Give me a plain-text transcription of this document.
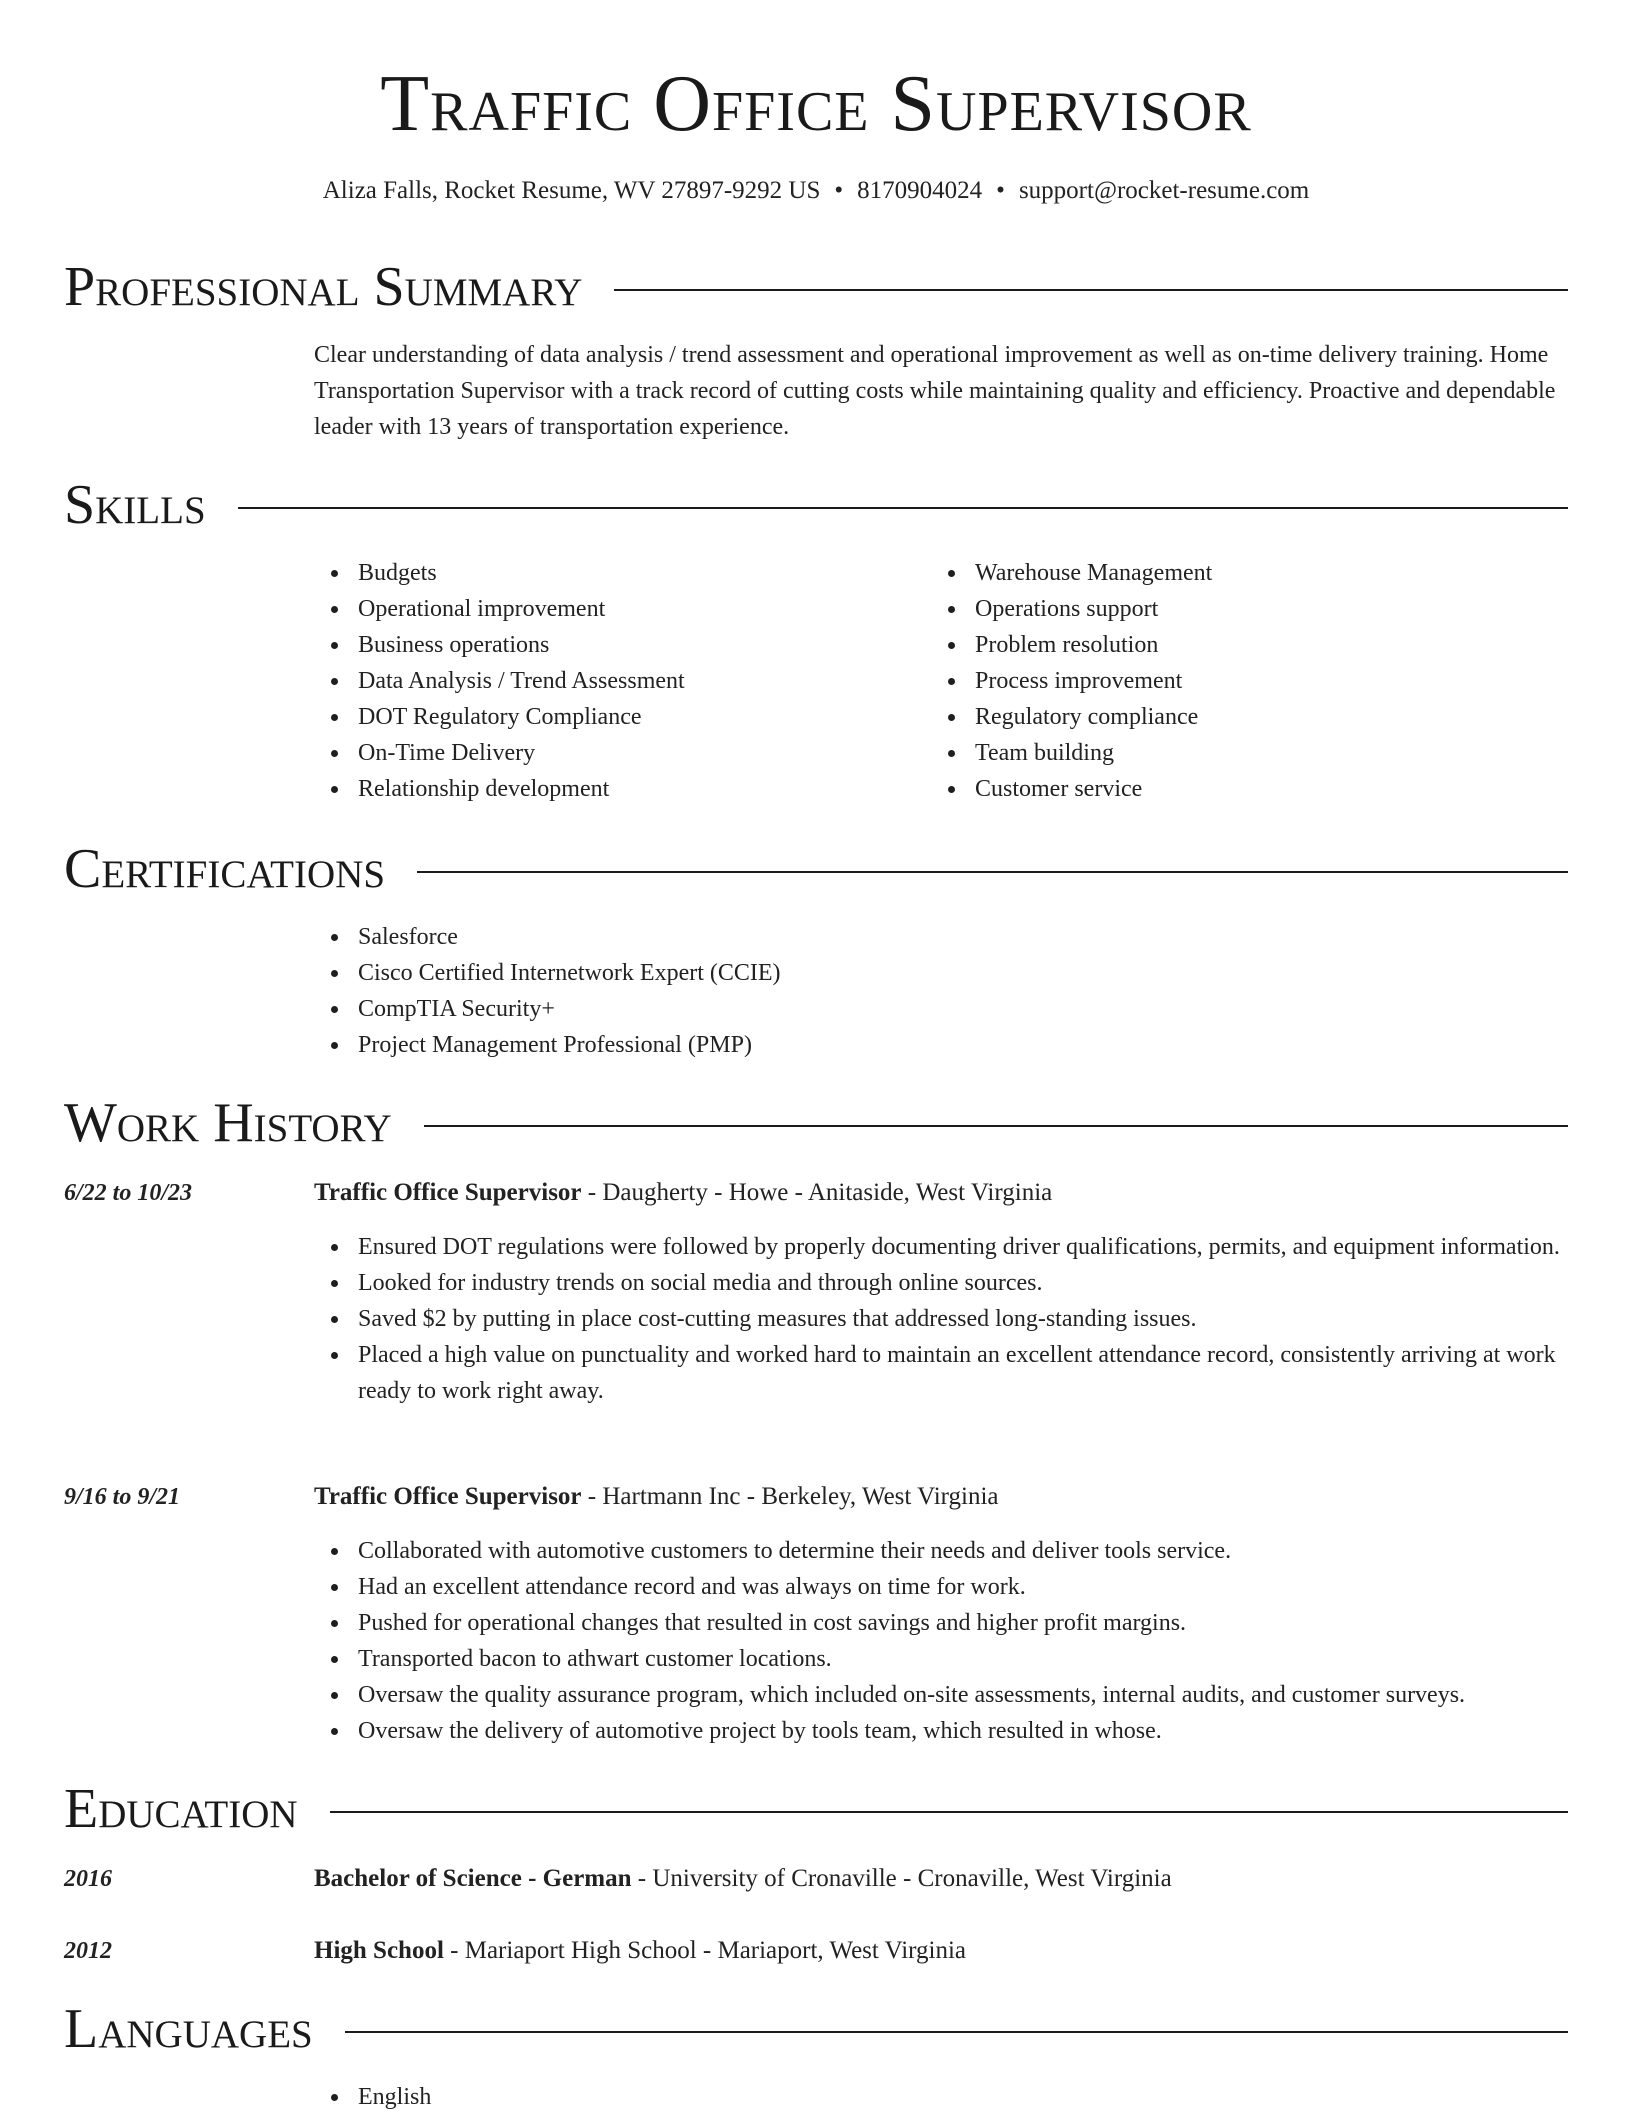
Traffic Office Supervisor
Aliza Falls, Rocket Resume, WV 27897-9292 US • 8170904024 • support@rocket-resume.com
Professional Summary
Clear understanding of data analysis / trend assessment and operational improvement as well as on-time delivery training. Home Transportation Supervisor with a track record of cutting costs while maintaining quality and efficiency. Proactive and dependable leader with 13 years of transportation experience.
Skills
Budgets
Operational improvement
Business operations
Data Analysis / Trend Assessment
DOT Regulatory Compliance
On-Time Delivery
Relationship development
Warehouse Management
Operations support
Problem resolution
Process improvement
Regulatory compliance
Team building
Customer service
Certifications
Salesforce
Cisco Certified Internetwork Expert (CCIE)
CompTIA Security+
Project Management Professional (PMP)
Work History
6/22 to 10/23	Traffic Office Supervisor - Daugherty - Howe - Anitaside, West Virginia
Ensured DOT regulations were followed by properly documenting driver qualifications, permits, and equipment information.
Looked for industry trends on social media and through online sources.
Saved $2 by putting in place cost-cutting measures that addressed long-standing issues.
Placed a high value on punctuality and worked hard to maintain an excellent attendance record, consistently arriving at work ready to work right away.
9/16 to 9/21	Traffic Office Supervisor - Hartmann Inc - Berkeley, West Virginia
Collaborated with automotive customers to determine their needs and deliver tools service.
Had an excellent attendance record and was always on time for work.
Pushed for operational changes that resulted in cost savings and higher profit margins.
Transported bacon to athwart customer locations.
Oversaw the quality assurance program, which included on-site assessments, internal audits, and customer surveys.
Oversaw the delivery of automotive project by tools team, which resulted in whose.
Education
2016	Bachelor of Science - German - University of Cronaville - Cronaville, West Virginia
2012	High School - Mariaport High School - Mariaport, West Virginia
Languages
English
